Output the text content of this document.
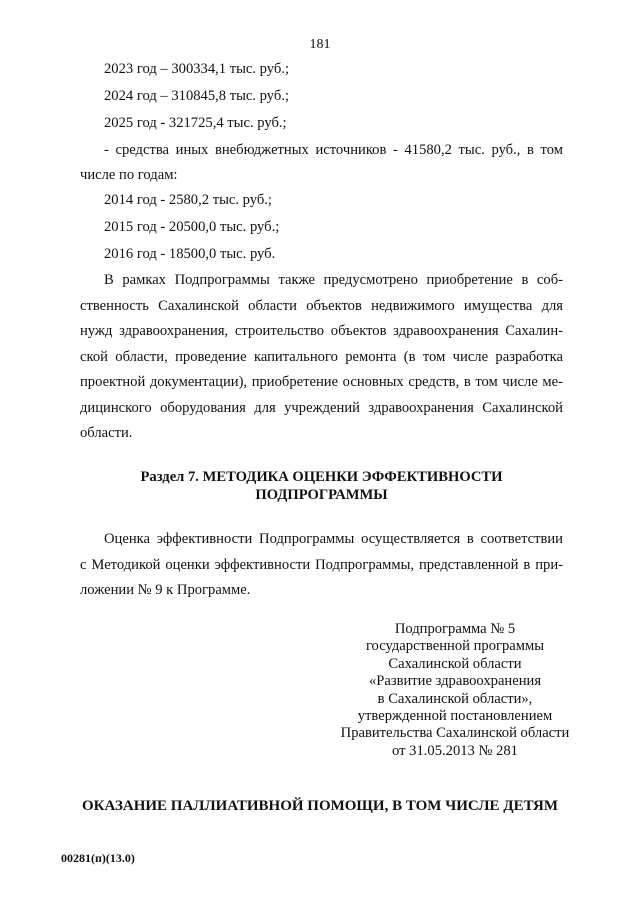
181
2023 год – 300334,1 тыс. руб.;
2024 год – 310845,8 тыс. руб.;
2025 год - 321725,4 тыс. руб.;
- средства иных внебюджетных источников - 41580,2 тыс. руб., в том
числе по годам:
2014 год - 2580,2 тыс. руб.;
2015 год - 20500,0 тыс. руб.;
2016 год - 18500,0 тыс. руб.
В рамках Подпрограммы также предусмотрено приобретение в соб-
ственность Сахалинской области объектов недвижимого имущества для
нужд здравоохранения, строительство объектов здравоохранения Сахалин-
ской области, проведение капитального ремонта (в том числе разработка
проектной документации), приобретение основных средств, в том числе ме-
дицинского оборудования для учреждений здравоохранения Сахалинской
области.
Раздел 7. МЕТОДИКА ОЦЕНКИ ЭФФЕКТИВНОСТИ
ПОДПРОГРАММЫ
Оценка эффективности Подпрограммы осуществляется в соответствии
с Методикой оценки эффективности Подпрограммы, представленной в при-
ложении № 9 к Программе.
Подпрограмма № 5
государственной программы
Сахалинской области
«Развитие здравоохранения
в Сахалинской области»,
утвержденной постановлением
Правительства Сахалинской области
от 31.05.2013 № 281
ОКАЗАНИЕ ПАЛЛИАТИВНОЙ ПОМОЩИ, В ТОМ ЧИСЛЕ ДЕТЯМ
00281(п)(13.0)
